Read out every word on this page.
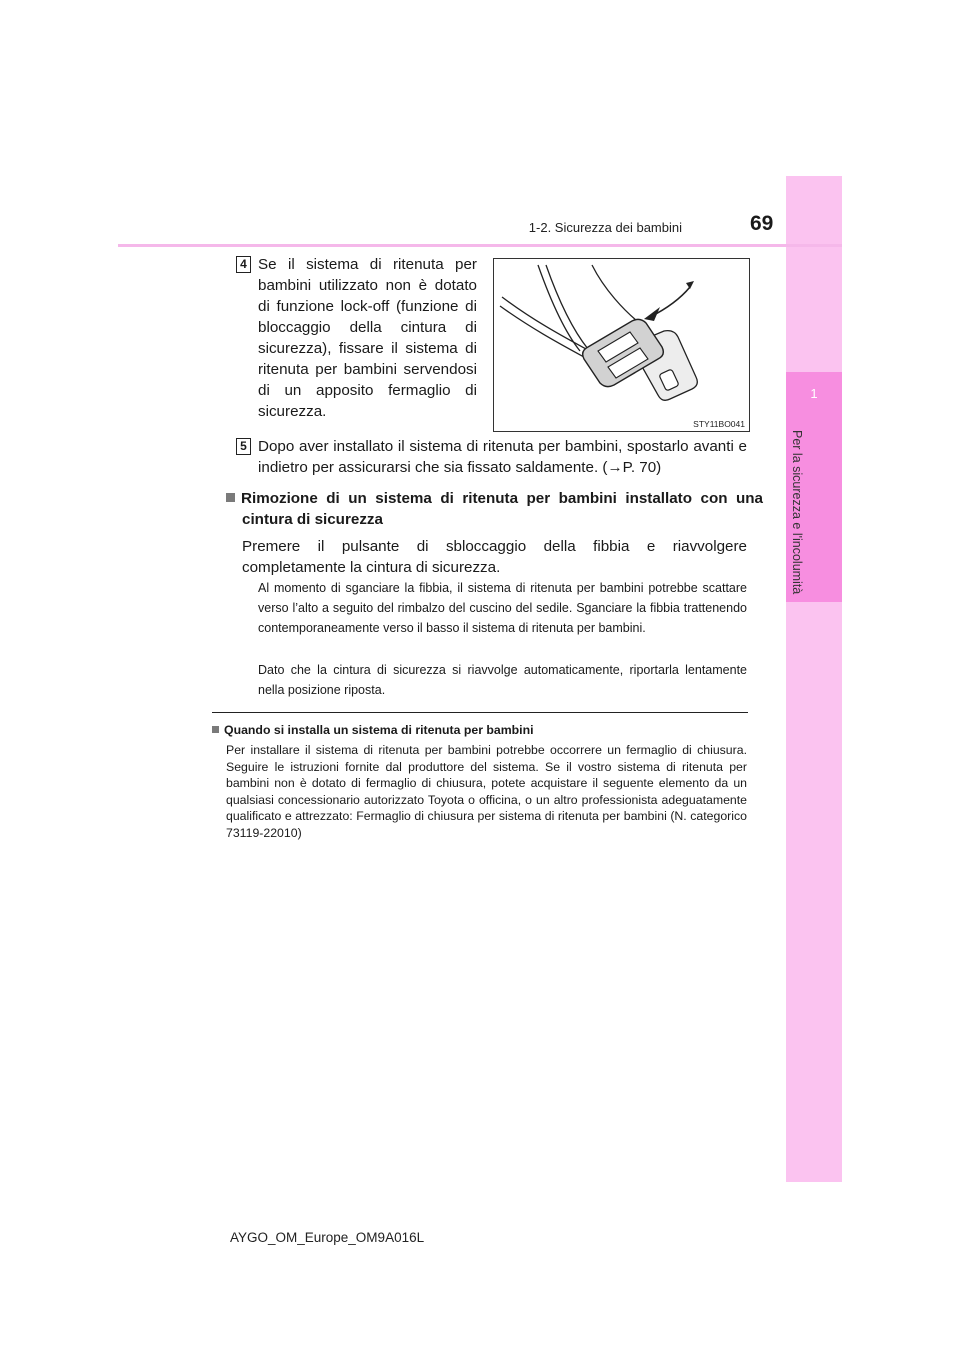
1
Per la sicurezza e l'incolumità
1-2. Sicurezza dei bambini	69
4 Se il sistema di ritenuta per bambini utilizzato non è dotato di funzione lock-off (funzione di bloccaggio della cintura di sicurezza), fissare il sistema di ritenuta per bambini servendosi di un apposito fermaglio di sicurezza.
STY11BO041
5 Dopo aver installato il sistema di ritenuta per bambini, spostarlo avanti e indietro per assicurarsi che sia fissato saldamente. (→P. 70)
Rimozione di un sistema di ritenuta per bambini installato con una cintura di sicurezza
Premere il pulsante di sbloccaggio della fibbia e riavvolgere completamente la cintura di sicurezza.
Al momento di sganciare la fibbia, il sistema di ritenuta per bambini potrebbe scattare verso l’alto a seguito del rimbalzo del cuscino del sedile. Sganciare la fibbia trattenendo contemporaneamente verso il basso il sistema di ritenuta per bambini.
Dato che la cintura di sicurezza si riavvolge automaticamente, riportarla lentamente nella posizione riposta.
Quando si installa un sistema di ritenuta per bambini
Per installare il sistema di ritenuta per bambini potrebbe occorrere un fermaglio di chiusura. Seguire le istruzioni fornite dal produttore del sistema. Se il vostro sistema di ritenuta per bambini non è dotato di fermaglio di chiusura, potete acquistare il seguente elemento da un qualsiasi concessionario autorizzato Toyota o officina, o un altro professionista adeguatamente qualificato e attrezzato: Fermaglio di chiusura per sistema di ritenuta per bambini (N. categorico 73119-22010)
AYGO_OM_Europe_OM9A016L
